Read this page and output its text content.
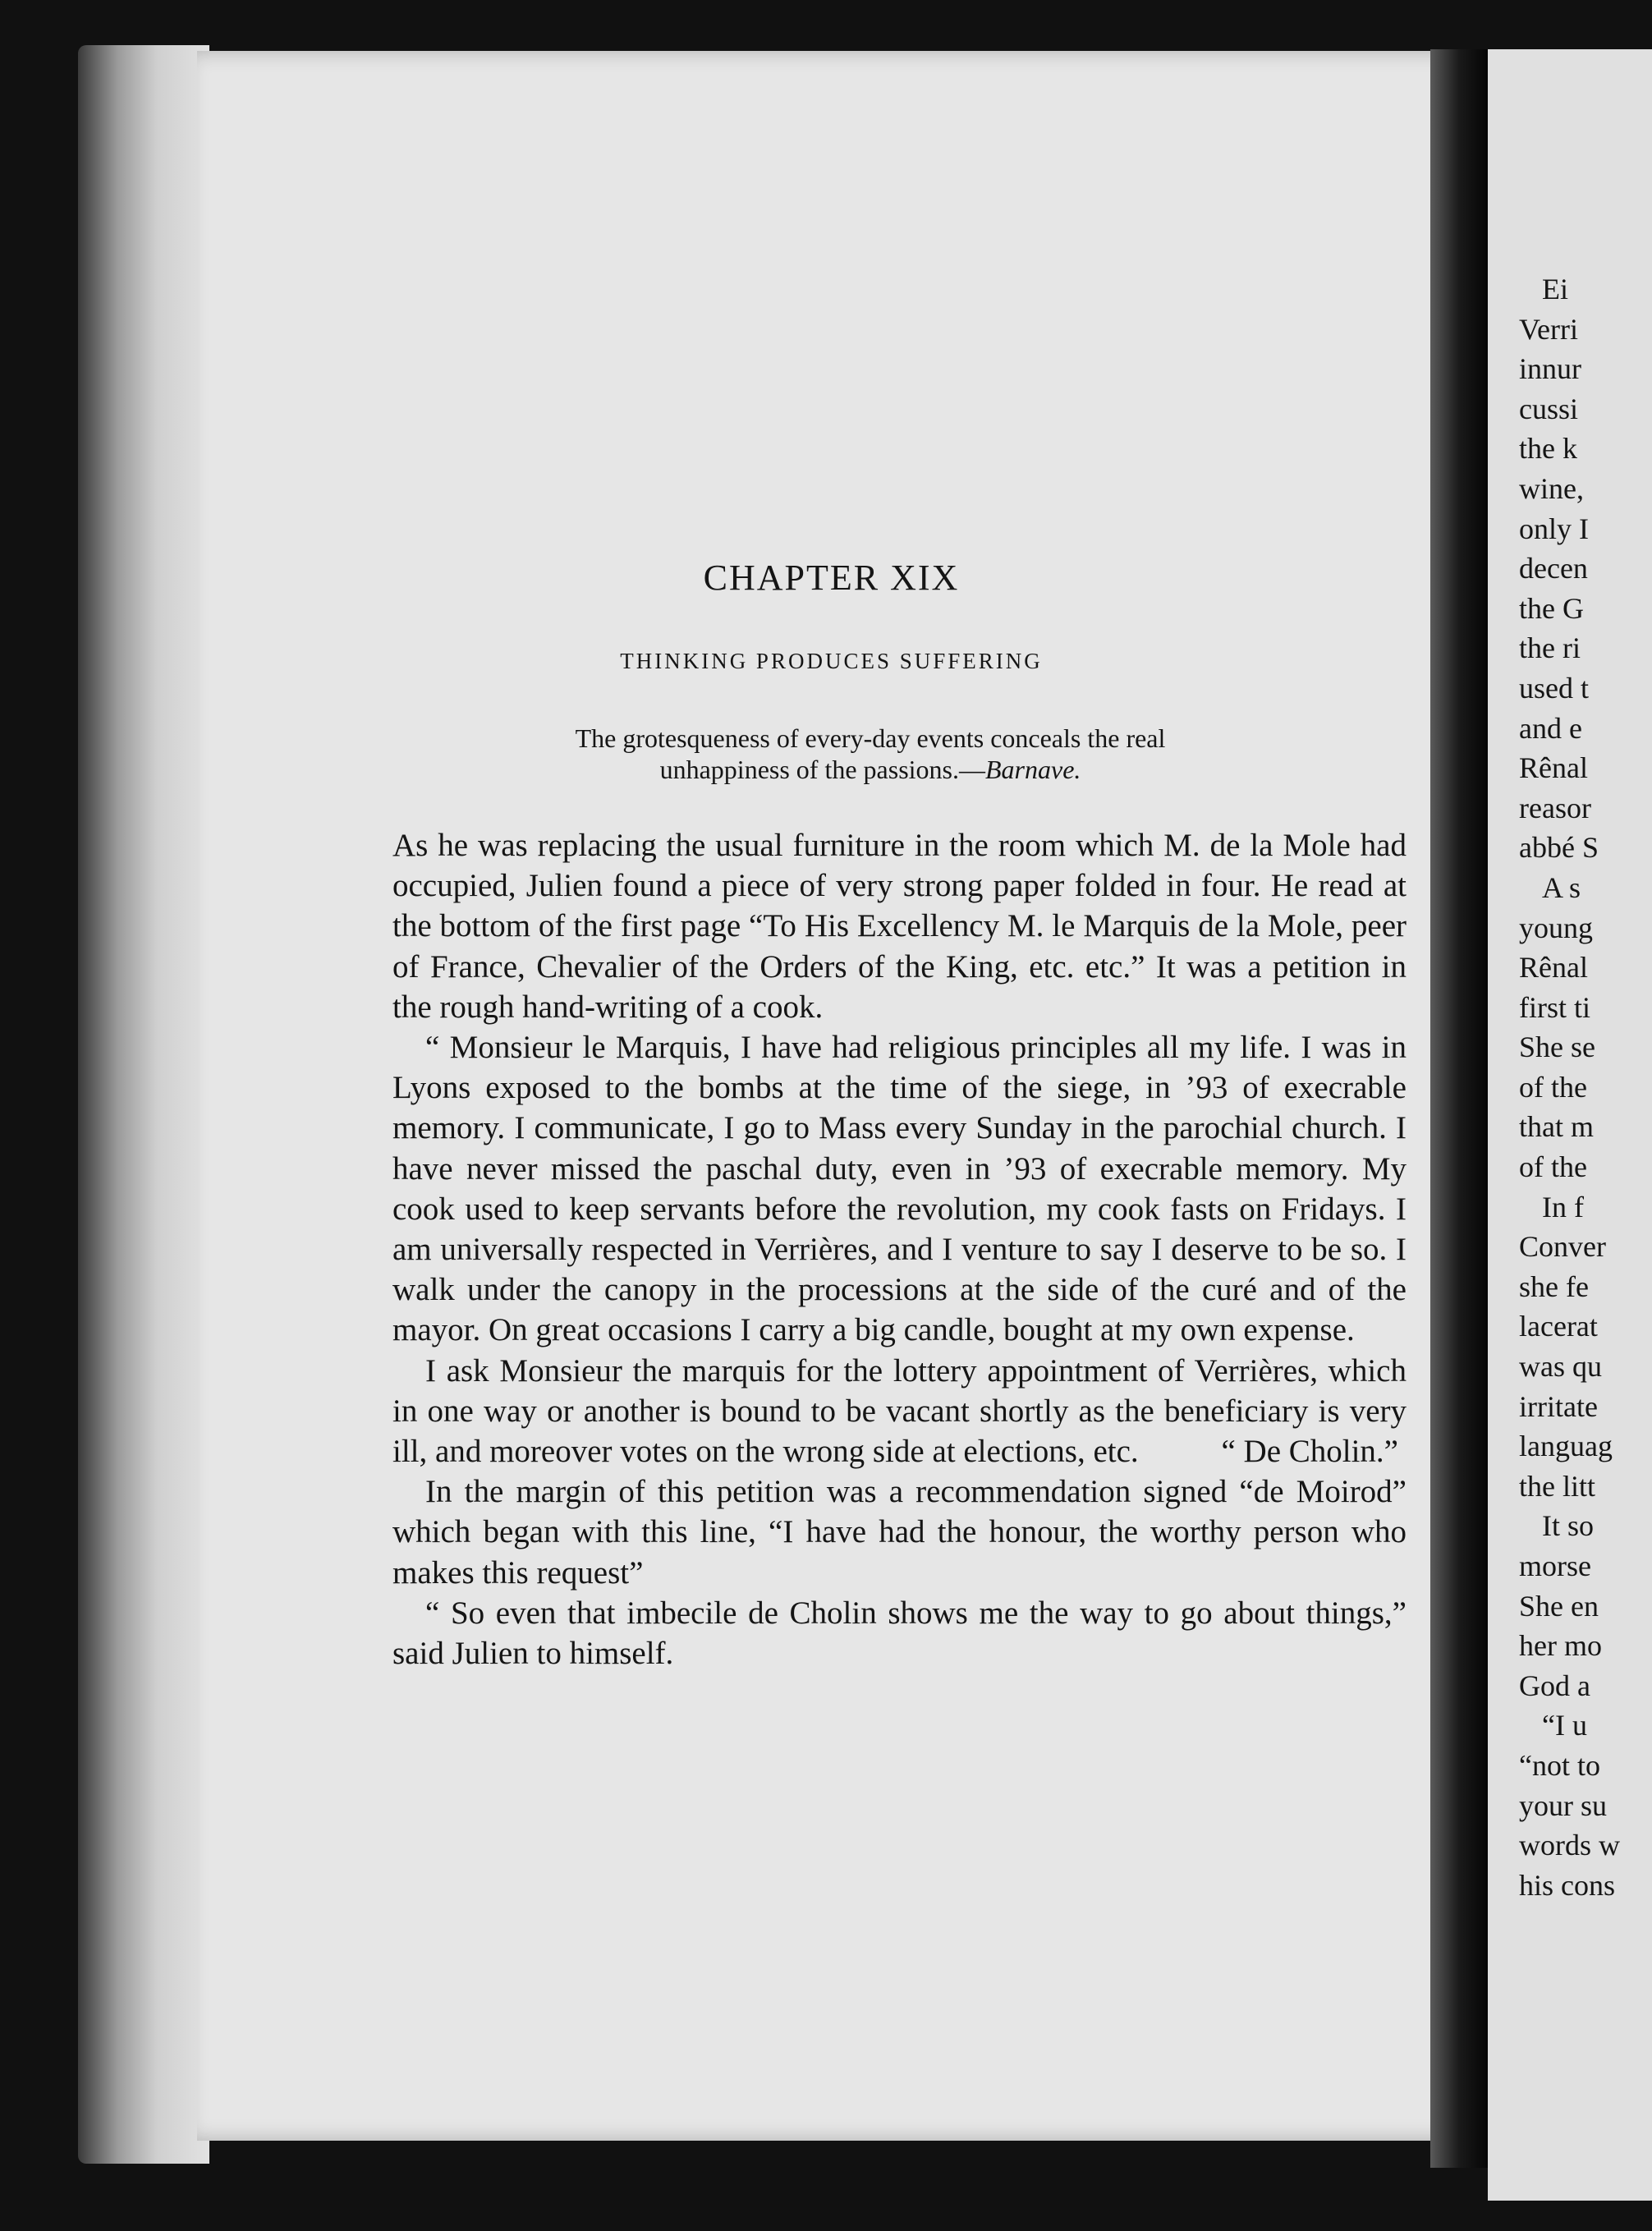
Ei
Verri
innur
cussi
the k
wine,
only I
decen
the G
the ri
used t
and e
Rênal
reasor
abbé S
A s
young
Rênal
first ti
She se
of the
that m
of the
In f
Conver
she fe
lacerat
was qu
irritate
languag
the litt
It so
morse
She en
her mo
God a
“I u
“not to
your su
words w
his cons
CHAPTER XIX
THINKING PRODUCES SUFFERING
The grotesqueness of every-day events conceals the real
unhappiness of the passions.—Barnave.

As he was replacing the usual furniture in the room which M. de la Mole had occupied, Julien found a piece of very strong paper folded in four. He read at the bottom of the first page “To His Excellency M. le Marquis de la Mole, peer of France, Chevalier of the Orders of the King, etc. etc.” It was a petition in the rough hand-writing of a cook.

“ Monsieur le Marquis, I have had religious principles all my life. I was in Lyons exposed to the bombs at the time of the siege, in ’93 of execrable memory. I communicate, I go to Mass every Sunday in the parochial church. I have never missed the paschal duty, even in ’93 of execrable memory. My cook used to keep servants before the revolution, my cook fasts on Fridays. I am universally respected in Verrières, and I venture to say I deserve to be so. I walk under the canopy in the processions at the side of the curé and of the mayor. On great occasions I carry a big candle, bought at my own expense.

I ask Monsieur the marquis for the lottery appointment of Verrières, which in one way or another is bound to be vacant shortly as the beneficiary is very ill, and moreover votes on the wrong side at elections, etc.	“ De Cholin.”

In the margin of this petition was a recommendation signed “de Moirod” which began with this line, “I have had the honour, the worthy person who makes this request”

“ So even that imbecile de Cholin shows me the way to go about things,” said Julien to himself.
